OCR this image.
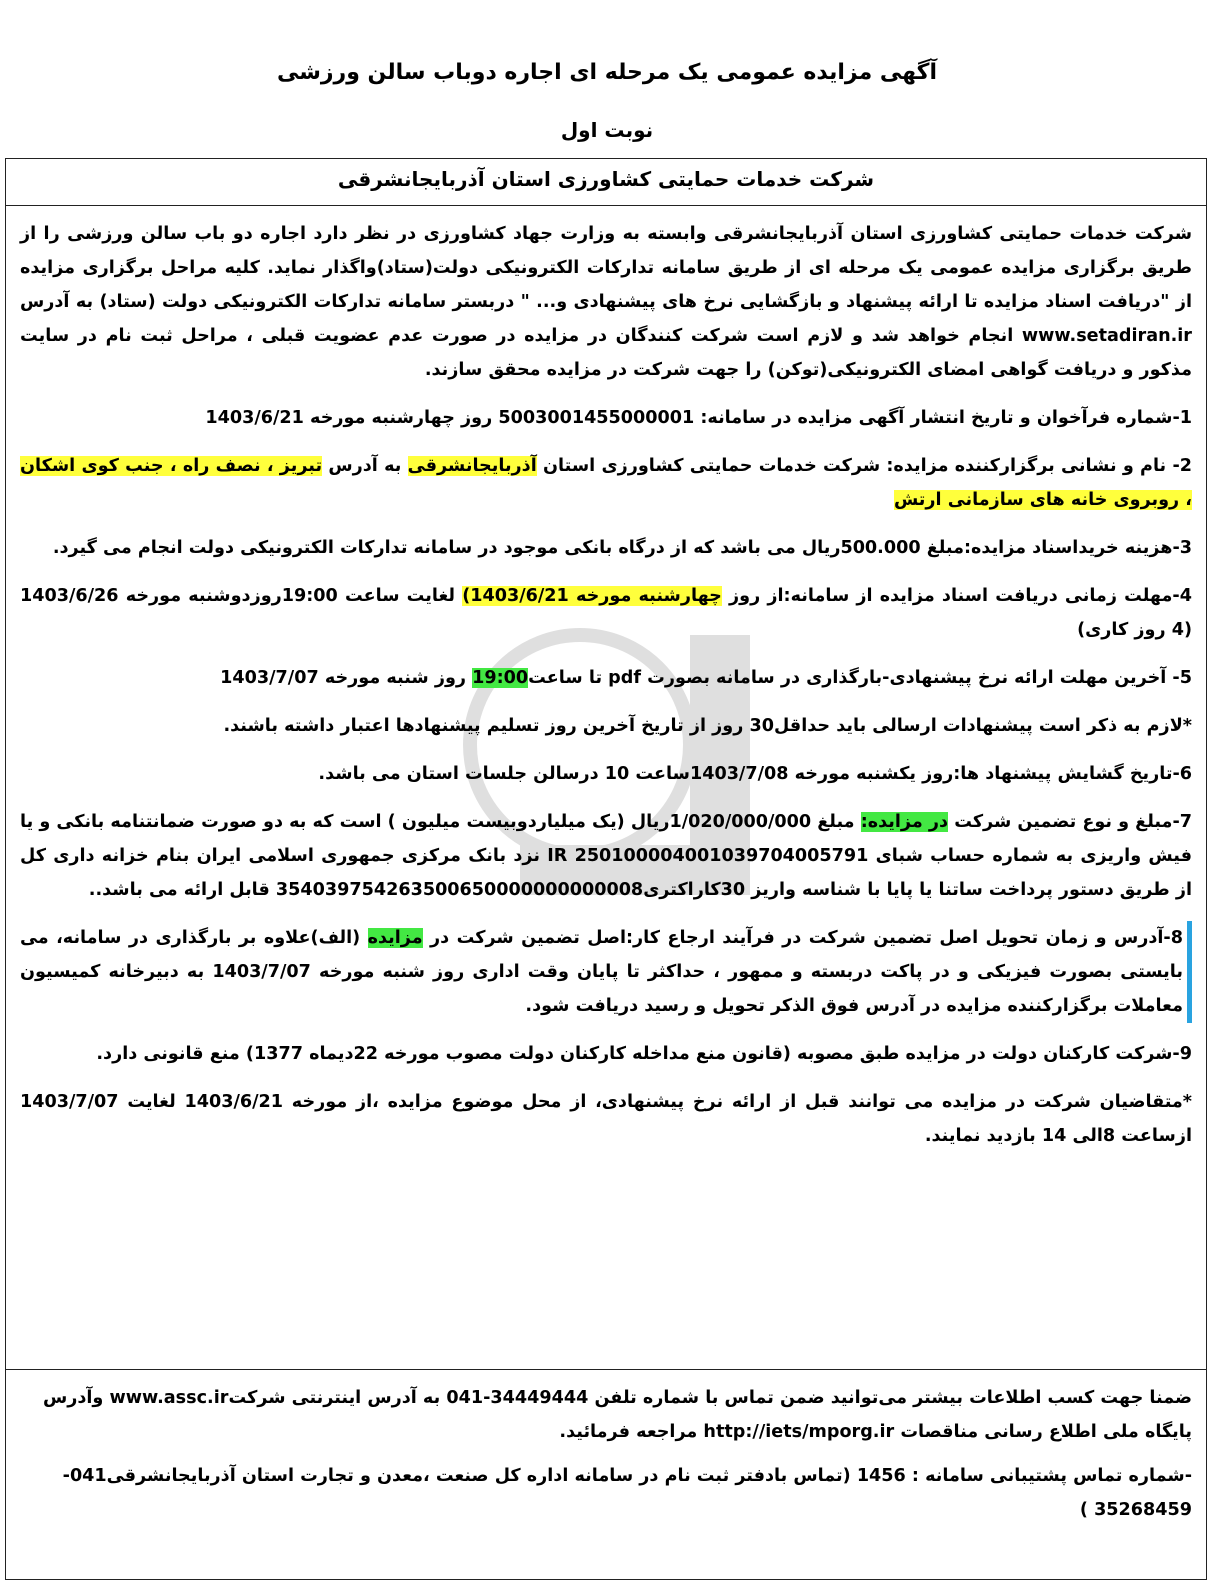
آگهی مزایده عمومی یک مرحله ای اجاره دوباب سالن ورزشی
نوبت اول
شرکت خدمات حمایتی کشاورزی استان آذربایجانشرقی

شرکت خدمات حمایتی کشاورزی استان آذربایجانشرقی وابسته به وزارت جهاد کشاورزی در نظر دارد اجاره دو باب سالن ورزشی را از طریق برگزاری مزایده عمومی یک مرحله ای از طریق سامانه تدارکات الکترونیکی دولت(ستاد)واگذار نماید. کلیه مراحل برگزاری مزایده از "دریافت اسناد مزایده تا ارائه پیشنهاد و بازگشایی نرخ های پیشنهادی و... " دربستر سامانه تدارکات الکترونیکی دولت (ستاد) به آدرس www.setadiran.ir انجام خواهد شد و لازم است شرکت کنندگان در مزایده در صورت عدم عضویت قبلی ، مراحل ثبت نام در سایت مذکور و دریافت گواهی امضای الکترونیکی(توکن) را جهت شرکت در مزایده محقق سازند.

1-شماره فرآخوان و تاریخ انتشار آگهی مزایده در سامانه: 5003001455000001 روز چهارشنبه مورخه 1403/6/21

2- نام و نشانی برگزارکننده مزایده: شرکت خدمات حمایتی کشاورزی استان آذربایجانشرقی به آدرس تبریز ، نصف راه ، جنب کوی اشکان ، روبروی خانه های سازمانی ارتش

3-هزینه خریداسناد مزایده:مبلغ 500.000ریال می باشد که از درگاه بانکی موجود در سامانه تدارکات الکترونیکی دولت انجام می گیرد.

4-مهلت زمانی دریافت اسناد مزایده از سامانه:از روز چهارشنبه مورخه 1403/6/21) لغایت ساعت 19:00روزدوشنبه مورخه 1403/6/26 (4 روز کاری)

5- آخرین مهلت ارائه نرخ پیشنهادی-بارگذاری در سامانه بصورت pdf تا ساعت19:00 روز شنبه مورخه 1403/7/07

*لازم به ذکر است پیشنهادات ارسالی باید حداقل30 روز از تاریخ آخرین روز تسلیم پیشنهادها اعتبار داشته باشند.

6-تاریخ گشایش پیشنهاد ها:روز یکشنبه مورخه 1403/7/08ساعت 10 درسالن جلسات استان می باشد.

7-مبلغ و نوع تضمین شرکت در مزایده: مبلغ 1/020/000/000ریال (یک میلیاردوبیست میلیون ) است که به دو صورت ضمانتنامه بانکی و یا فیش واریزی به شماره حساب شبای IR 250100004001039704005791 نزد بانک مرکزی جمهوری اسلامی ایران بنام خزانه داری کل از طریق دستور پرداخت ساتنا یا پایا با شناسه واریز 30کاراکتری354039754263500650000000000008 قابل ارائه می باشد..

8-آدرس و زمان تحویل اصل تضمین شرکت در فرآیند ارجاع کار:اصل تضمین شرکت در مزایده (الف)علاوه بر بارگذاری در سامانه، می بایستی بصورت فیزیکی و در پاکت دربسته و ممهور ، حداکثر تا پایان وقت اداری روز شنبه مورخه 1403/7/07 به دبیرخانه کمیسیون معاملات برگزارکننده مزایده در آدرس فوق الذکر تحویل و رسید دریافت شود.

9-شرکت کارکنان دولت در مزایده طبق مصوبه (قانون منع مداخله کارکنان دولت مصوب مورخه 22دیماه 1377) منع قانونی دارد.

*متقاضیان شرکت در مزایده می توانند قبل از ارائه نرخ پیشنهادی، از محل موضوع مزایده ،از مورخه 1403/6/21 لغایت 1403/7/07 ازساعت 8الی 14 بازدید نمایند.

ضمنا جهت کسب اطلاعات بیشتر می‌توانید ضمن تماس با شماره تلفن 34449444-041 به آدرس اینترنتی شرکتwww.assc.ir وآدرس پایگاه ملی اطلاع رسانی مناقصات http://iets/mporg.ir مراجعه فرمائید.

-شماره تماس پشتیبانی سامانه : 1456 (تماس بادفتر ثبت نام در سامانه اداره کل صنعت ،معدن و تجارت استان آذربایجانشرقی041-35268459 )
